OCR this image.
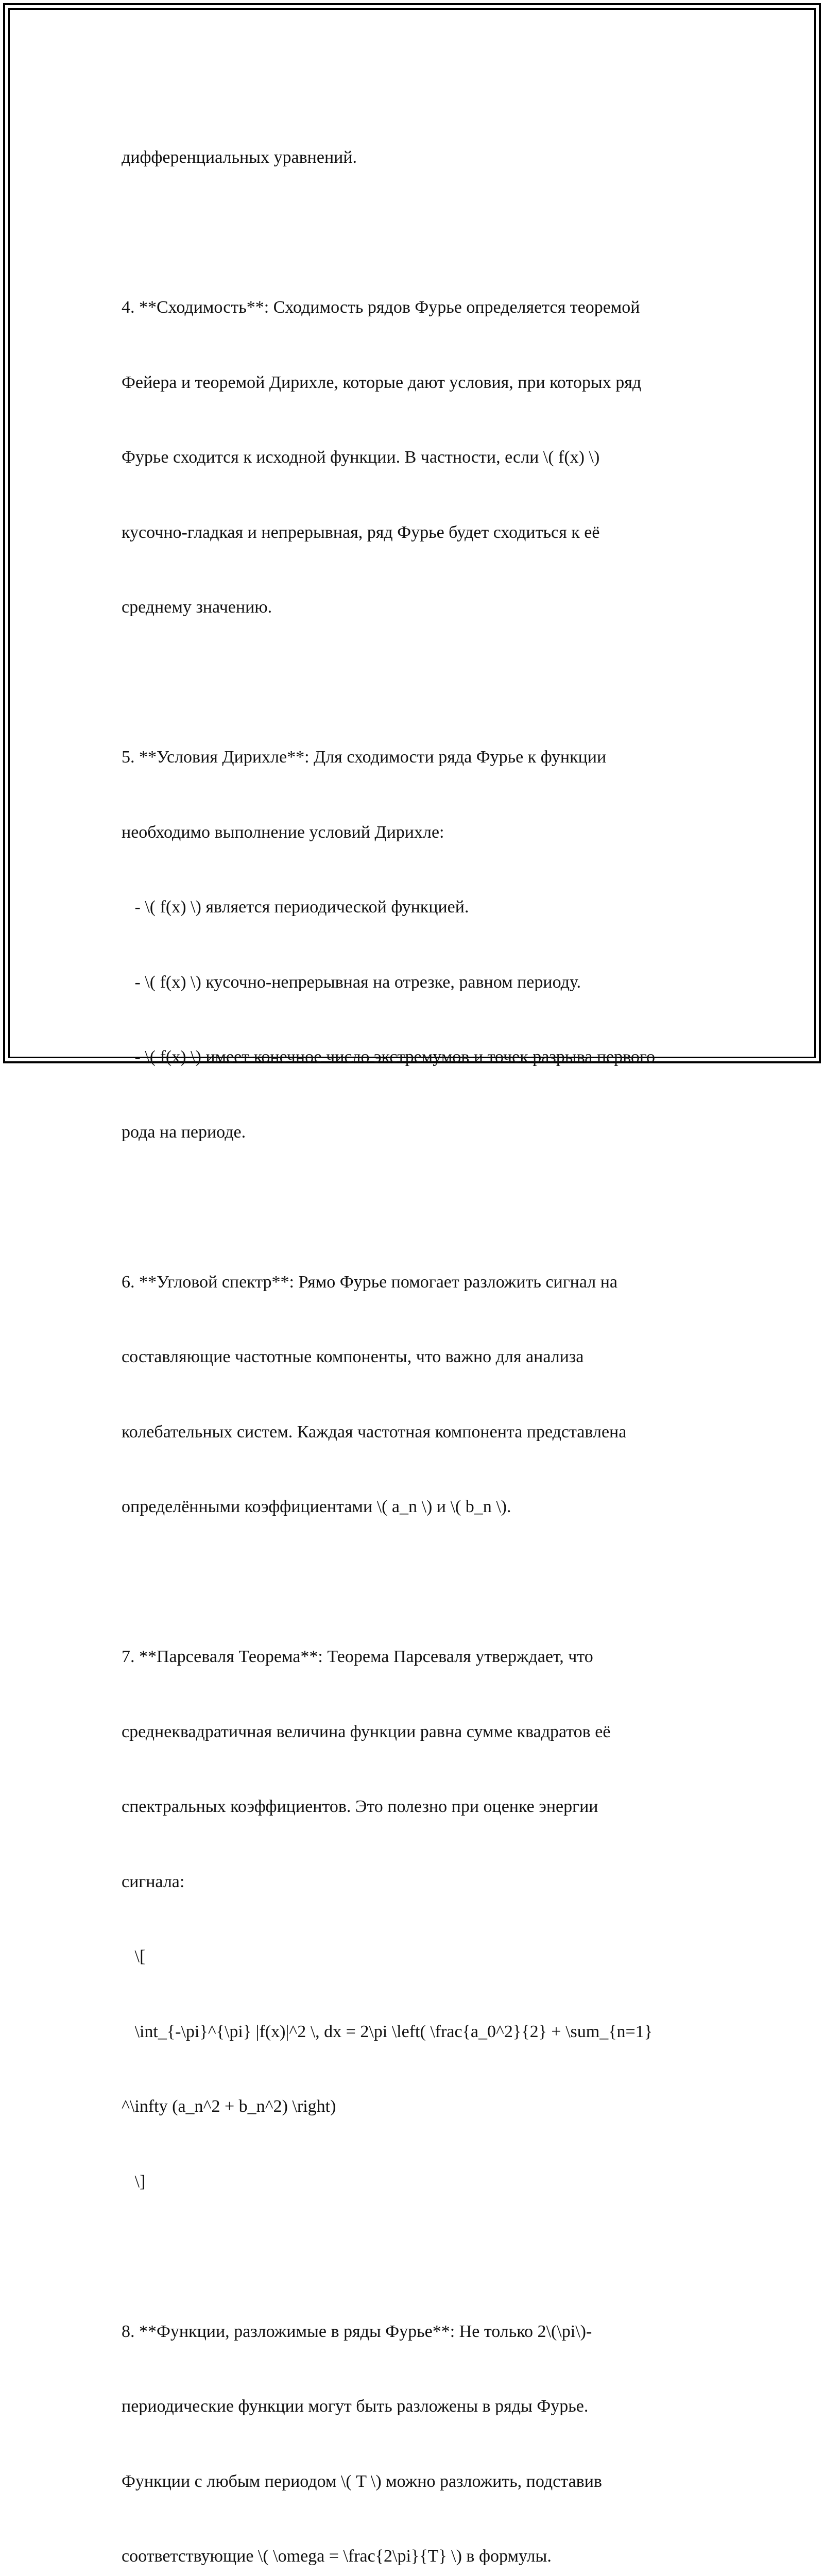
дифференциальных уравнений.

4. **Сходимость**: Сходимость рядов Фурье определяется теоремой

Фейера и теоремой Дирихле, которые дают условия, при которых ряд

Фурье сходится к исходной функции. В частности, если \( f(x) \)

кусочно-гладкая и непрерывная, ряд Фурье будет сходиться к её

среднему значению.

5. **Условия Дирихле**: Для сходимости ряда Фурье к функции

необходимо выполнение условий Дирихле:

- \( f(x) \) является периодической функцией.

- \( f(x) \) кусочно-непрерывная на отрезке, равном периоду.

- \( f(x) \) имеет конечное число экстремумов и точек разрыва первого

рода на периоде.

6. **Угловой спектр**: Рямо Фурье помогает разложить сигнал на

составляющие частотные компоненты, что важно для анализа

колебательных систем. Каждая частотная компонента представлена

определёнными коэффициентами \( a_n \) и \( b_n \).

7. **Парсеваля Теорема**: Теорема Парсеваля утверждает, что

среднеквадратичная величина функции равна сумме квадратов её

спектральных коэффициентов. Это полезно при оценке энергии

сигнала:

\[

\int_{-\pi}^{\pi} |f(x)|^2 \, dx = 2\pi \left( \frac{a_0^2}{2} + \sum_{n=1}

^\infty (a_n^2 + b_n^2) \right)

\]

8. **Функции, разложимые в ряды Фурье**: Не только 2\(\pi\)-

периодические функции могут быть разложены в ряды Фурье.

Функции с любым периодом \( T \) можно разложить, подставив

соответствующие \( \omega = \frac{2\pi}{T} \) в формулы.
